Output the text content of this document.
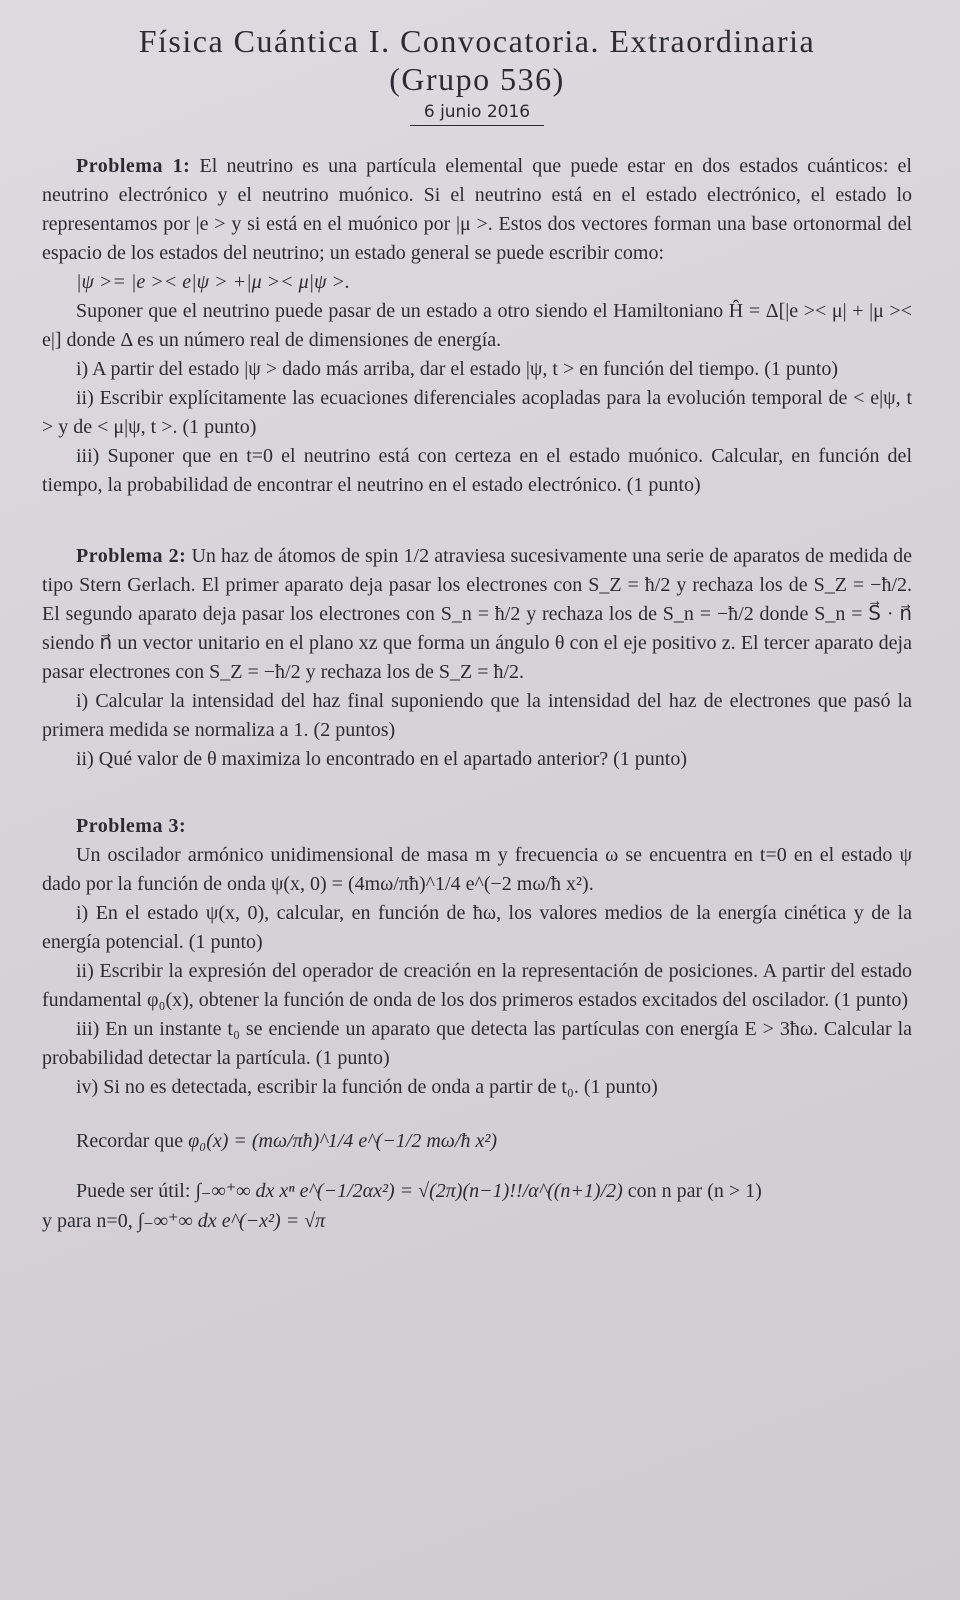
Física Cuántica I. Convocatoria. Extraordinaria
(Grupo 536)
6 junio 2016

Problema 1: El neutrino es una partícula elemental que puede estar en dos estados cuánticos: el neutrino electrónico y el neutrino muónico. Si el neutrino está en el estado electrónico, el estado lo representamos por |e > y si está en el muónico por |μ >. Estos dos vectores forman una base ortonormal del espacio de los estados del neutrino; un estado general se puede escribir como:

|ψ >= |e >< e|ψ > +|μ >< μ|ψ >.

Suponer que el neutrino puede pasar de un estado a otro siendo el Hamiltoniano Ĥ = Δ[|e >< μ| + |μ >< e|] donde Δ es un número real de dimensiones de energía.

i) A partir del estado |ψ > dado más arriba, dar el estado |ψ, t > en función del tiempo. (1 punto)

ii) Escribir explícitamente las ecuaciones diferenciales acopladas para la evolución temporal de < e|ψ, t > y de < μ|ψ, t >. (1 punto)

iii) Suponer que en t=0 el neutrino está con certeza en el estado muónico. Calcular, en función del tiempo, la probabilidad de encontrar el neutrino en el estado electrónico. (1 punto)

Problema 2: Un haz de átomos de spin 1/2 atraviesa sucesivamente una serie de aparatos de medida de tipo Stern Gerlach. El primer aparato deja pasar los electrones con S_Z = ħ/2 y rechaza los de S_Z = −ħ/2. El segundo aparato deja pasar los electrones con S_n = ħ/2 y rechaza los de S_n = −ħ/2 donde S_n = S⃗ · n⃗ siendo n⃗ un vector unitario en el plano xz que forma un ángulo θ con el eje positivo z. El tercer aparato deja pasar electrones con S_Z = −ħ/2 y rechaza los de S_Z = ħ/2.

i) Calcular la intensidad del haz final suponiendo que la intensidad del haz de electrones que pasó la primera medida se normaliza a 1. (2 puntos)

ii) Qué valor de θ maximiza lo encontrado en el apartado anterior? (1 punto)

Problema 3:

Un oscilador armónico unidimensional de masa m y frecuencia ω se encuentra en t=0 en el estado ψ dado por la función de onda ψ(x, 0) = (4mω/πħ)^1/4 e^(−2 mω/ħ x²).

i) En el estado ψ(x, 0), calcular, en función de ħω, los valores medios de la energía cinética y de la energía potencial. (1 punto)

ii) Escribir la expresión del operador de creación en la representación de posiciones. A partir del estado fundamental φ₀(x), obtener la función de onda de los dos primeros estados excitados del oscilador. (1 punto)

iii) En un instante t₀ se enciende un aparato que detecta las partículas con energía E > 3ħω. Calcular la probabilidad detectar la partícula. (1 punto)

iv) Si no es detectada, escribir la función de onda a partir de t₀. (1 punto)

Recordar que φ₀(x) = (mω/πħ)^1/4 e^(−1/2 mω/ħ x²)
Puede ser útil: ∫₋∞⁺∞ dx xⁿ e^(−1/2αx²) = √(2π)(n−1)!!/α^((n+1)/2) con n par (n > 1)
y para n=0, ∫₋∞⁺∞ dx e^(−x²) = √π
